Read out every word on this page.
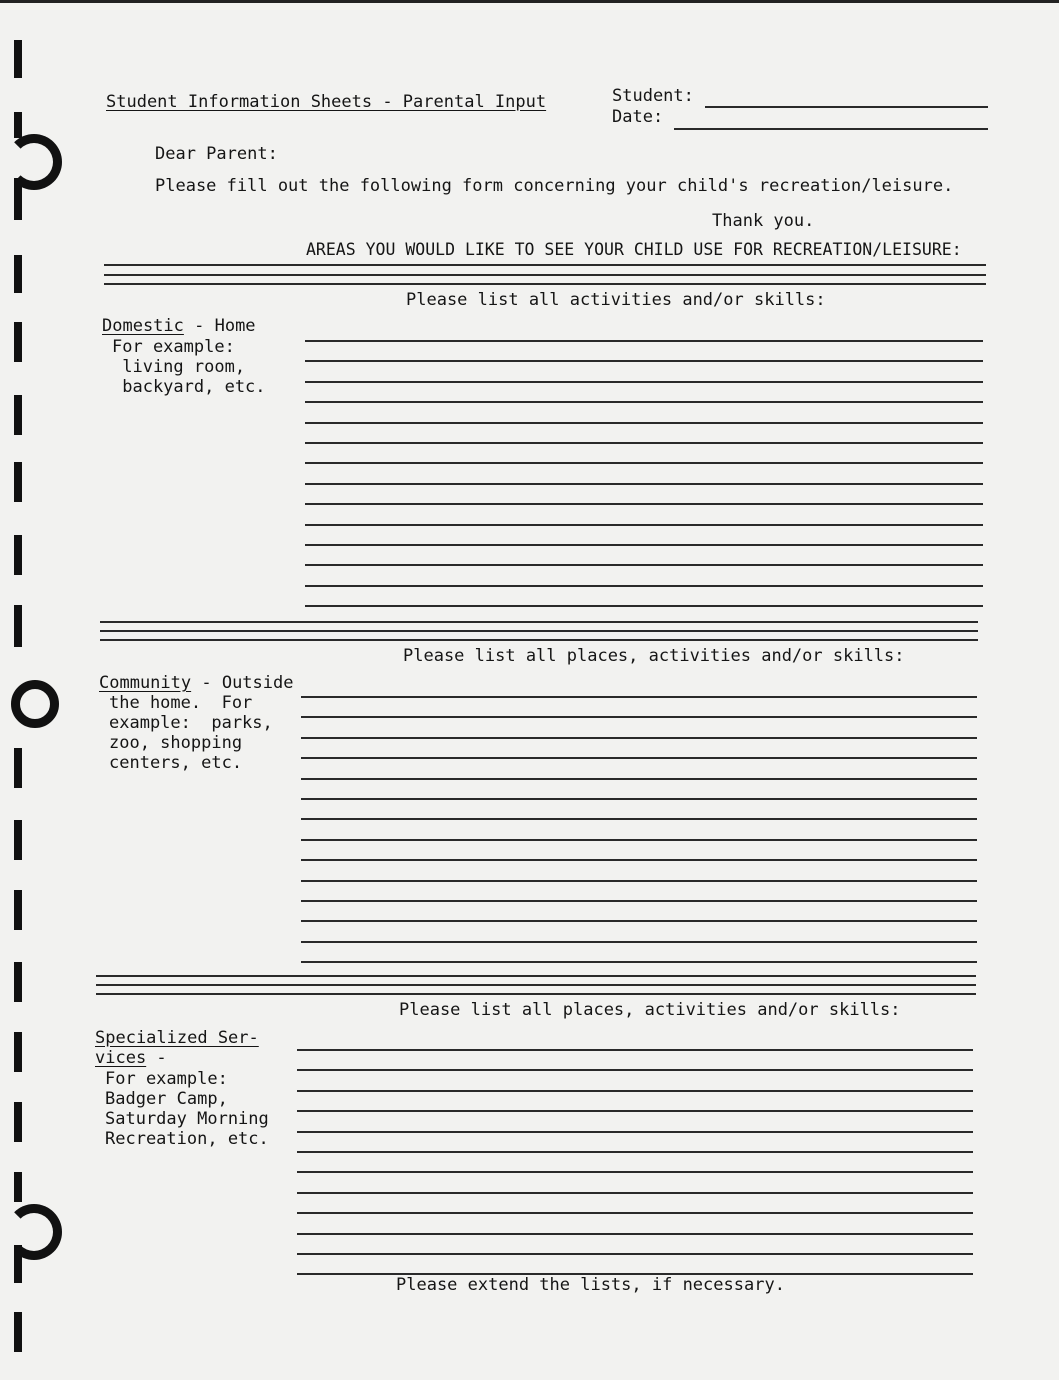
Student Information Sheets - Parental Input	Student:
Date:
Dear Parent:
Please fill out the following form concerning your child's recreation/leisure.
Thank you.
AREAS YOU WOULD LIKE TO SEE YOUR CHILD USE FOR RECREATION/LEISURE:
Please list all activities and/or skills:
Domestic - Home
For example:
living room,
backyard, etc.
Please list all places, activities and/or skills:
Community - Outside
the home.  For
example:  parks,
zoo, shopping
centers, etc.
Please list all places, activities and/or skills:
Specialized Ser-
vices -
For example:
Badger Camp,
Saturday Morning
Recreation, etc.
Please extend the lists, if necessary.
